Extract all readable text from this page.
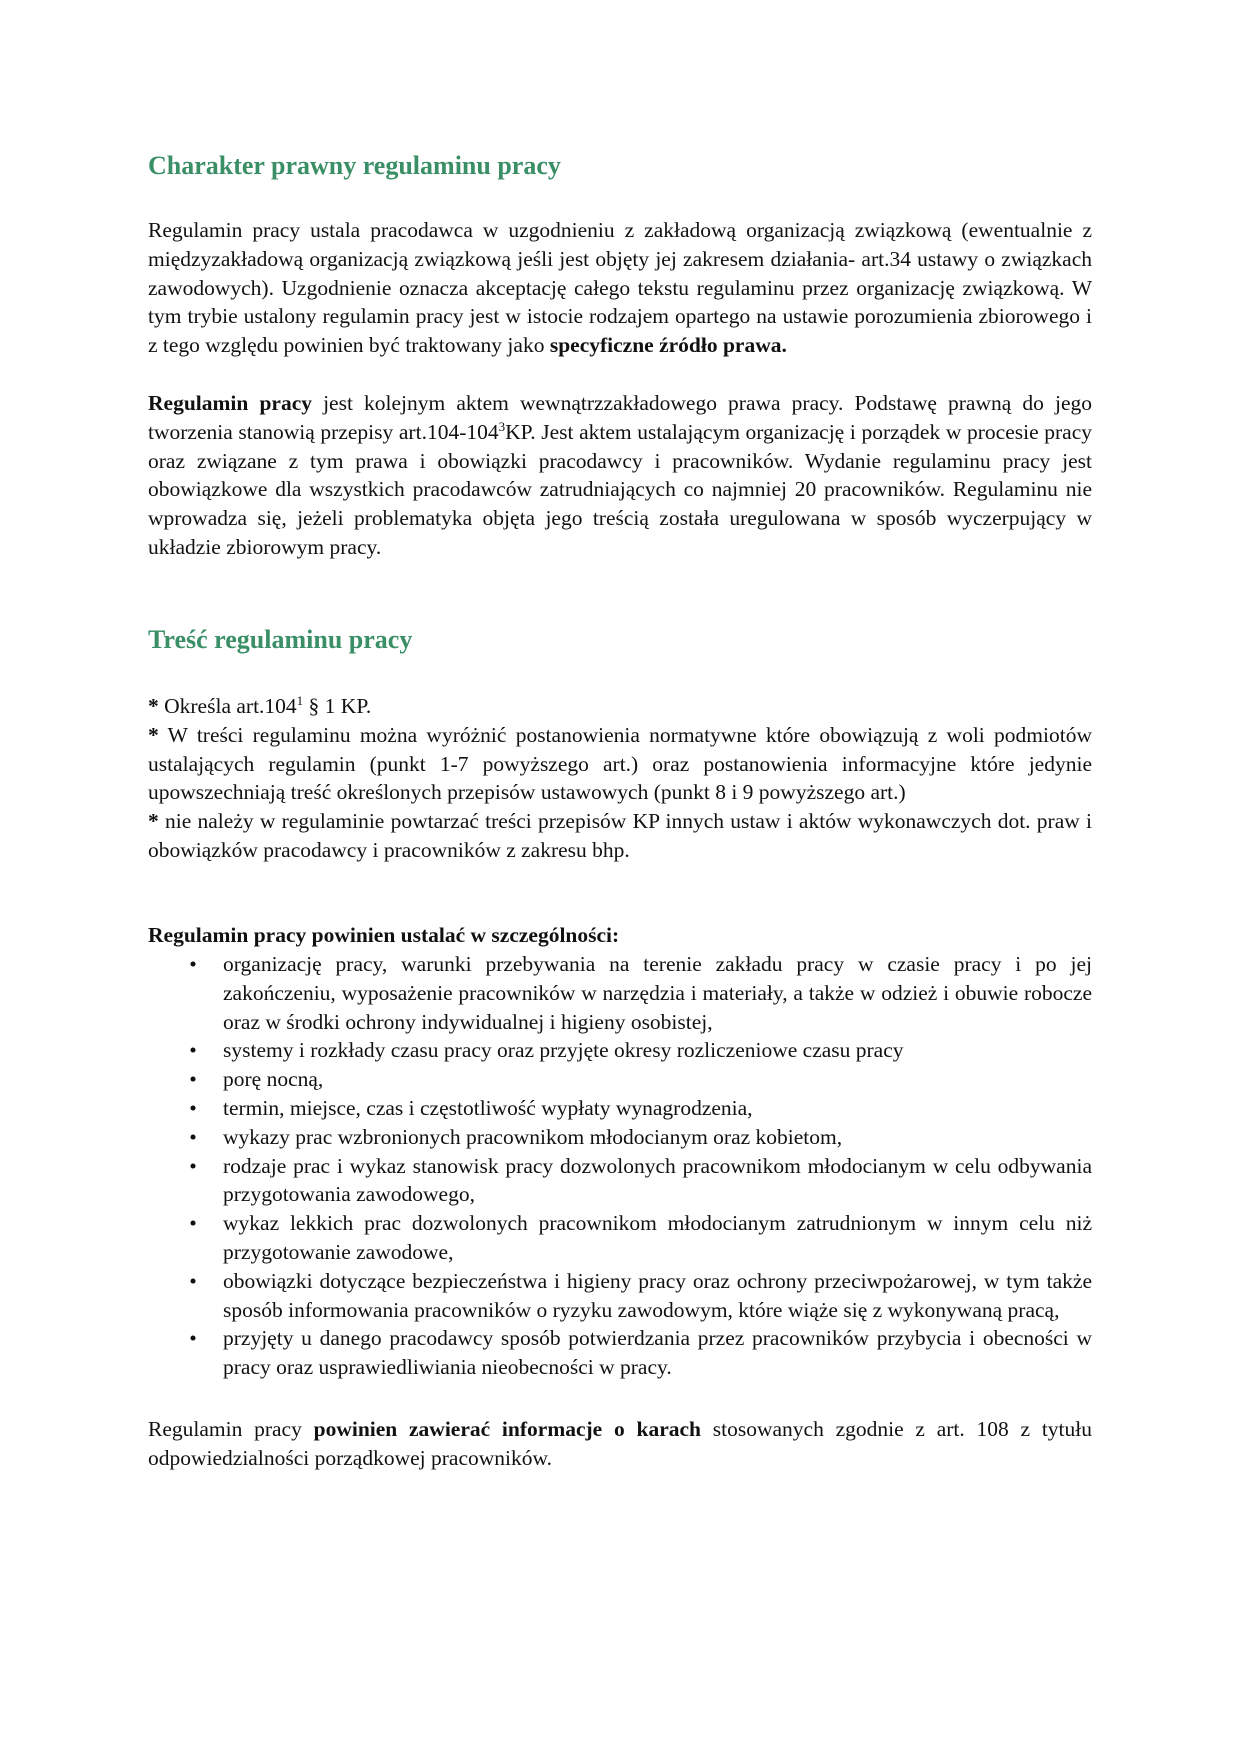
Charakter prawny regulaminu pracy

Regulamin pracy ustala pracodawca w uzgodnieniu z zakładową organizacją związkową (ewentualnie z międzyzakładową organizacją związkową jeśli jest objęty jej zakresem działania- art.34 ustawy o związkach zawodowych). Uzgodnienie oznacza akceptację całego tekstu regulaminu przez organizację związkową. W tym trybie ustalony regulamin pracy jest w istocie rodzajem opartego na ustawie porozumienia zbiorowego i z tego względu powinien być traktowany jako specyficzne źródło prawa.

Regulamin pracy jest kolejnym aktem wewnątrzzakładowego prawa pracy. Podstawę prawną do jego tworzenia stanowią przepisy $art.104-104^3KP$. Jest aktem ustalającym organizację i porządek w procesie pracy oraz związane z tym prawa i obowiązki pracodawcy i pracowników. Wydanie regulaminu pracy jest obowiązkowe dla wszystkich pracodawców zatrudniających co najmniej 20 pracowników. Regulaminu nie wprowadza się, jeżeli problematyka objęta jego treścią została uregulowana w sposób wyczerpujący w układzie zbiorowym pracy.

Treść regulaminu pracy

* Określa art.104$^1$ § 1 KP.
* W treści regulaminu można wyróżnić postanowienia normatywne które obowiązują z woli podmiotów ustalających regulamin (punkt 1-7 powyższego art.) oraz postanowienia informacyjne które jedynie upowszechniają treść określonych przepisów ustawowych (punkt 8 i 9 powyższego art.)
* nie należy w regulaminie powtarzać treści przepisów KP innych ustaw i aktów wykonawczych dot. praw i obowiązków pracodawcy i pracowników z zakresu bhp.

Regulamin pracy powinien ustalać w szczególności:

• organizację pracy, warunki przebywania na terenie zakładu pracy w czasie pracy i po jej zakończeniu, wyposażenie pracowników w narzędzia i materiały, a także w odzież i obuwie robocze oraz w środki ochrony indywidualnej i higieny osobistej,
• systemy i rozkłady czasu pracy oraz przyjęte okresy rozliczeniowe czasu pracy
• porę nocną,
• termin, miejsce, czas i częstotliwość wypłaty wynagrodzenia,
• wykazy prac wzbronionych pracownikom młodocianym oraz kobietom,
• rodzaje prac i wykaz stanowisk pracy dozwolonych pracownikom młodocianym w celu odbywania przygotowania zawodowego,
• wykaz lekkich prac dozwolonych pracownikom młodocianym zatrudnionym w innym celu niż przygotowanie zawodowe,
• obowiązki dotyczące bezpieczeństwa i higieny pracy oraz ochrony przeciwpożarowej, w tym także sposób informowania pracowników o ryzyku zawodowym, które wiąże się z wykonywaną pracą,
• przyjęty u danego pracodawcy sposób potwierdzania przez pracowników przybycia i obecności w pracy oraz usprawiedliwiania nieobecności w pracy.

Regulamin pracy powinien zawierać informacje o karach stosowanych zgodnie z art. 108 z tytułu odpowiedzialności porządkowej pracowników.
